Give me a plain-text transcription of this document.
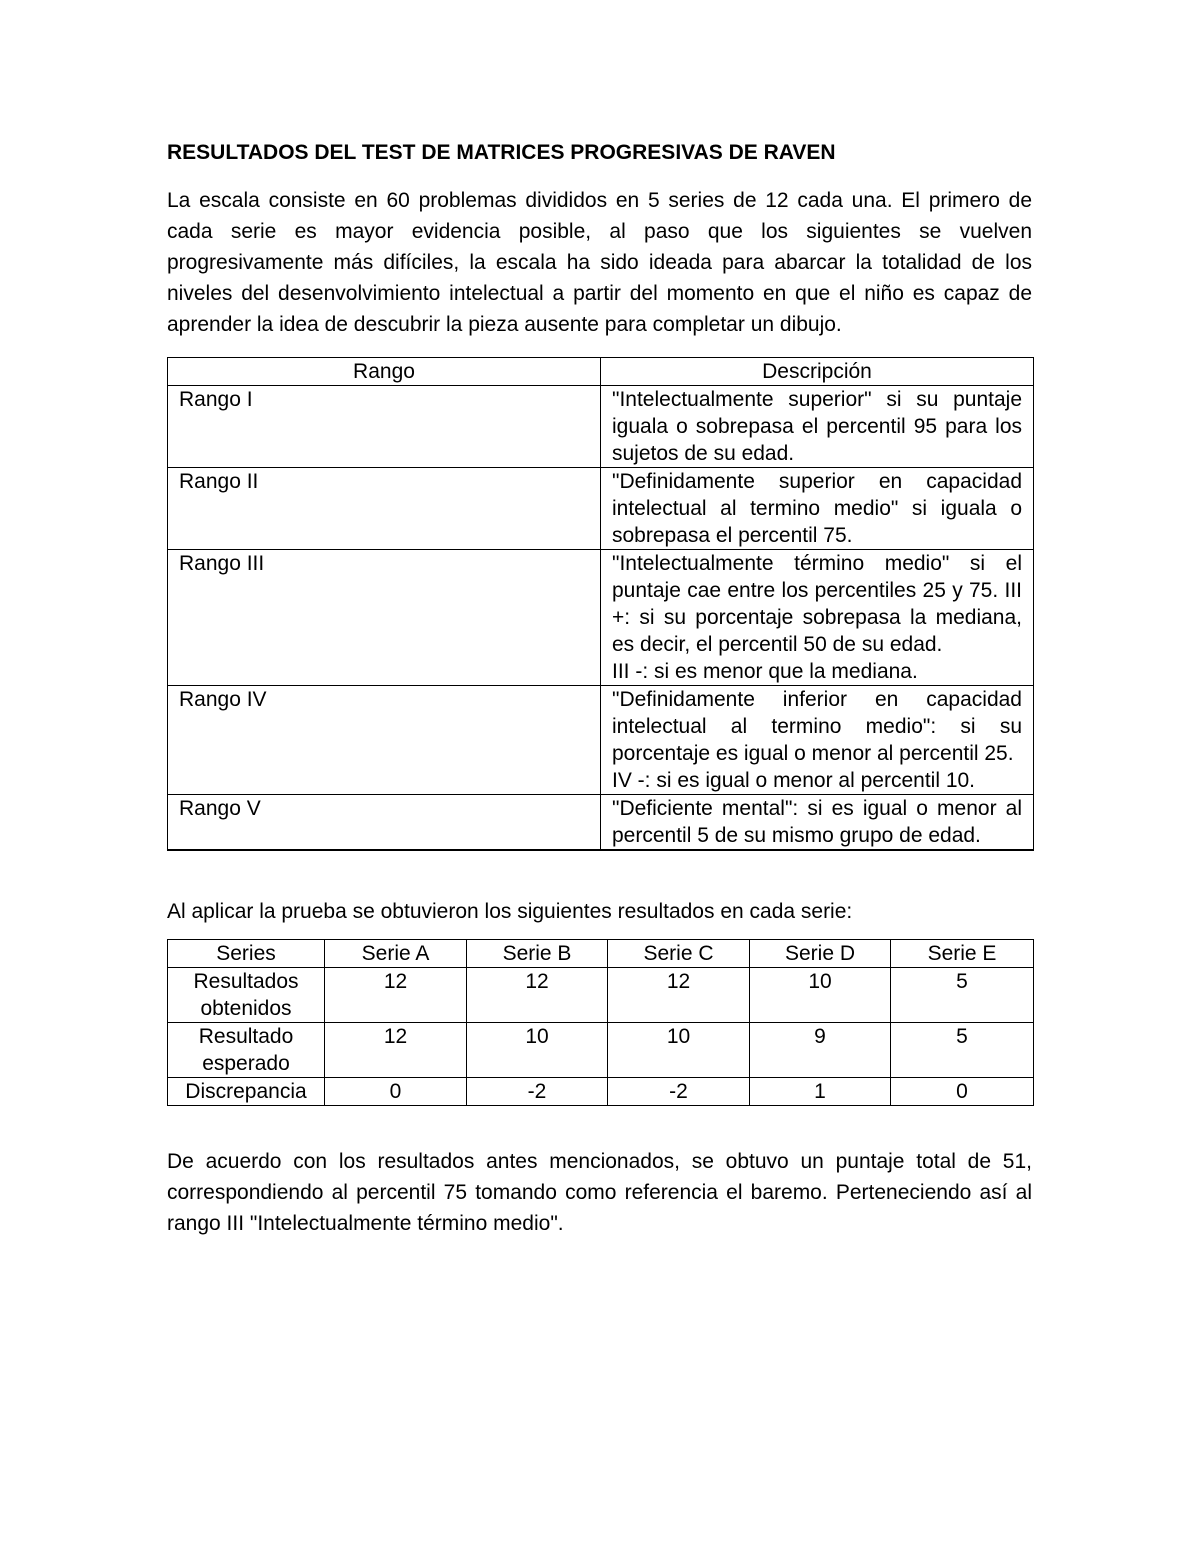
RESULTADOS DEL TEST DE MATRICES PROGRESIVAS DE RAVEN

La escala consiste en 60 problemas divididos en 5 series de 12 cada una. El primero de cada serie es mayor evidencia posible, al paso que los siguientes se vuelven progresivamente más difíciles, la escala ha sido ideada para abarcar la totalidad de los niveles del desenvolvimiento intelectual a partir del momento en que el niño es capaz de aprender la idea de descubrir la pieza ausente para completar un dibujo.

Rango	Descripción
Rango I	"Intelectualmente superior" si su puntaje iguala o sobrepasa el percentil 95 para los sujetos de su edad.

Rango II	"Definidamente superior en capacidad intelectual al termino medio" si iguala o sobrepasa el percentil 75.

Rango III	"Intelectualmente término medio" si el puntaje cae entre los percentiles 25 y 75. III +: si su porcentaje sobrepasa la mediana, es decir, el percentil 50 de su edad.
III -: si es menor que la mediana.

Rango IV	"Definidamente inferior en capacidad intelectual al termino medio": si su porcentaje es igual o menor al percentil 25.
IV -: si es igual o menor al percentil 10.

Rango V	"Deficiente mental": si es igual o menor al percentil 5 de su mismo grupo de edad.

Al aplicar la prueba se obtuvieron los siguientes resultados en cada serie:

Series	Serie A	Serie B	Serie C	Serie D	Serie E
Resultados obtenidos	12	12	12	10	5
Resultado esperado	12	10	10	9	5
Discrepancia	0	-2	-2	1	0

De acuerdo con los resultados antes mencionados, se obtuvo un puntaje total de 51, correspondiendo al percentil 75 tomando como referencia el baremo. Perteneciendo así al rango III "Intelectualmente término medio".
